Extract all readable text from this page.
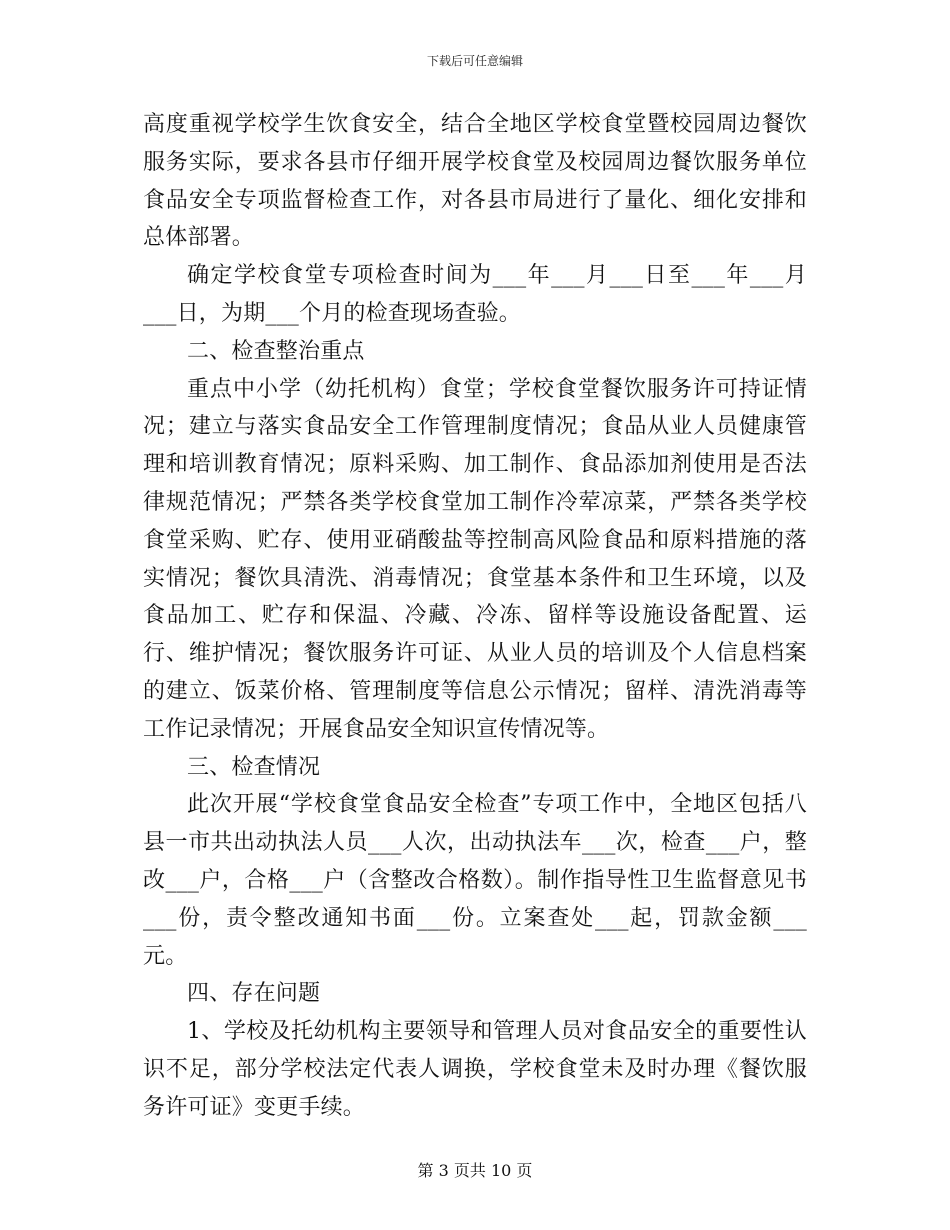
下载后可任意编辑

高度重视学校学生饮食安全，结合全地区学校食堂暨校园周边餐饮服务实际，要求各县市仔细开展学校食堂及校园周边餐饮服务单位食品安全专项监督检查工作，对各县市局进行了量化、细化安排和总体部署。

确定学校食堂专项检查时间为___年___月___日至___年___月___日，为期___个月的检查现场查验。

二、检查整治重点

重点中小学（幼托机构）食堂；学校食堂餐饮服务许可持证情况；建立与落实食品安全工作管理制度情况；食品从业人员健康管理和培训教育情况；原料采购、加工制作、食品添加剂使用是否法律规范情况；严禁各类学校食堂加工制作冷荤凉菜，严禁各类学校食堂采购、贮存、使用亚硝酸盐等控制高风险食品和原料措施的落实情况；餐饮具清洗、消毒情况；食堂基本条件和卫生环境，以及食品加工、贮存和保温、冷藏、冷冻、留样等设施设备配置、运行、维护情况；餐饮服务许可证、从业人员的培训及个人信息档案的建立、饭菜价格、管理制度等信息公示情况；留样、清洗消毒等工作记录情况；开展食品安全知识宣传情况等。

三、检查情况

此次开展“学校食堂食品安全检查”专项工作中，全地区包括八县一市共出动执法人员___人次，出动执法车___次，检查___户，整改___户，合格___户（含整改合格数）。制作指导性卫生监督意见书___份，责令整改通知书面___份。立案查处___起，罚款金额___元。

四、存在问题

1、学校及托幼机构主要领导和管理人员对食品安全的重要性认识不足，部分学校法定代表人调换，学校食堂未及时办理《餐饮服务许可证》变更手续。

第 3 页共 10 页
